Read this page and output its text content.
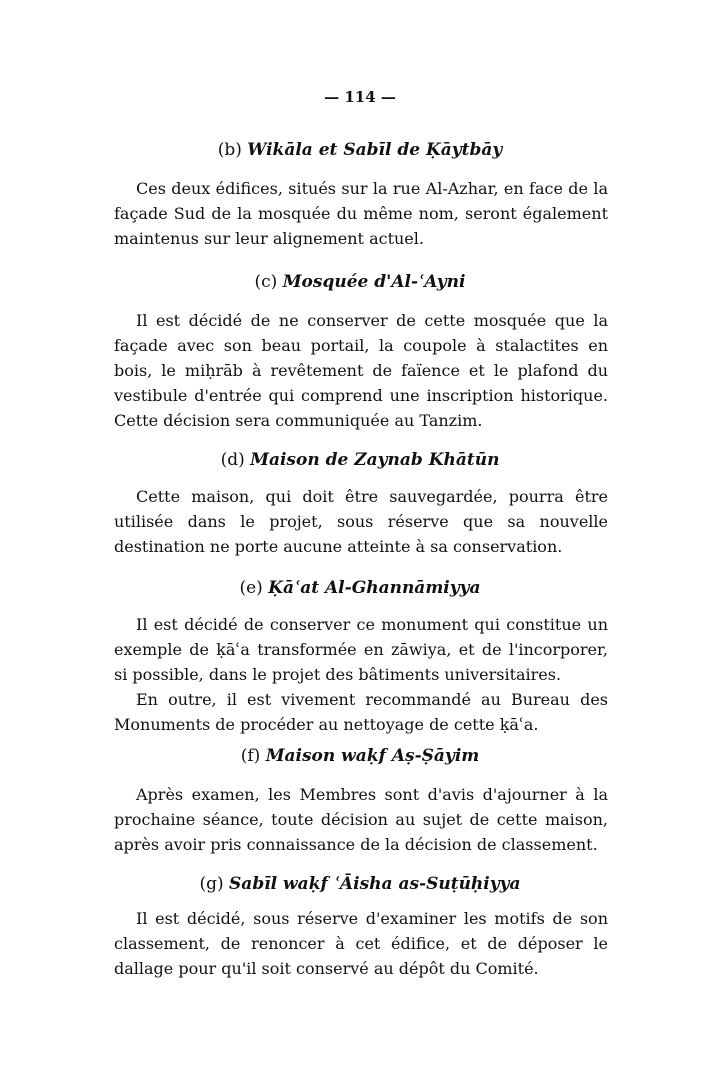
— 114 —
(b) Wikāla et Sabīl de Ḳāytbāy

Ces deux édifices, situés sur la rue Al-Azhar, en face de la façade Sud de la mosquée du même nom, seront également maintenus sur leur alignement actuel.

(c) Mosquée d'Al-ʿAyni

Il est décidé de ne conserver de cette mosquée que la façade avec son beau portail, la coupole à stalactites en bois, le miḥrāb à revêtement de faïence et le plafond du vestibule d'entrée qui comprend une inscription historique. Cette décision sera communiquée au Tanzim.

(d) Maison de Zaynab Khātūn

Cette maison, qui doit être sauvegardée, pourra être utilisée dans le projet, sous réserve que sa nouvelle destination ne porte aucune atteinte à sa conservation.

(e) Ḳāʿat Al-Ghannāmiyya

Il est décidé de conserver ce monument qui constitue un exemple de ḳāʿa transformée en zāwiya, et de l'incorporer, si possible, dans le projet des bâtiments universitaires.

En outre, il est vivement recommandé au Bureau des Monuments de procéder au nettoyage de cette ḳāʿa.

(f) Maison waḳf Aṣ-Ṣāyim

Après examen, les Membres sont d'avis d'ajourner à la prochaine séance, toute décision au sujet de cette maison, après avoir pris connaissance de la décision de classement.

(g) Sabīl waḳf ʿĀisha as-Suṭūḥiyya

Il est décidé, sous réserve d'examiner les motifs de son classement, de renoncer à cet édifice, et de déposer le dallage pour qu'il soit conservé au dépôt du Comité.
